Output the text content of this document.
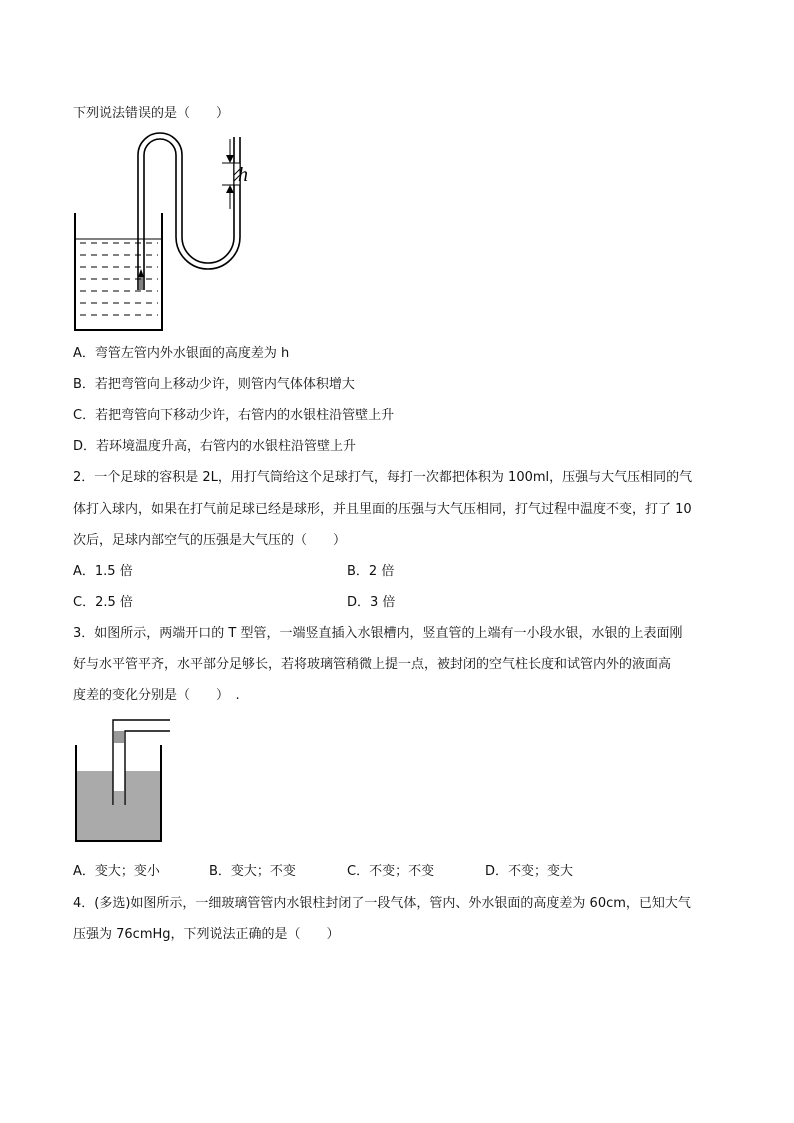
下列说法错误的是（　　）
h
A．弯管左管内外水银面的高度差为 h
B．若把弯管向上移动少许，则管内气体体积增大
C．若把弯管向下移动少许，右管内的水银柱沿管壁上升
D．若环境温度升高，右管内的水银柱沿管壁上升
2．一个足球的容积是 2L，用打气筒给这个足球打气，每打一次都把体积为 100ml，压强与大气压相同的气
体打入球内，如果在打气前足球已经是球形，并且里面的压强与大气压相同，打气过程中温度不变，打了 10
次后，足球内部空气的压强是大气压的（　　）
A．1.5 倍	B．2 倍
C．2.5 倍	D．3 倍
3．如图所示，两端开口的 T 型管，一端竖直插入水银槽内，竖直管的上端有一小段水银，水银的上表面刚
好与水平管平齐，水平部分足够长，若将玻璃管稍微上提一点，被封闭的空气柱长度和试管内外的液面高
度差的变化分别是（　　）　.
A．变大；变小	B．变大；不变	C．不变；不变	D．不变；变大
4．(多选)如图所示，一细玻璃管管内水银柱封闭了一段气体，管内、外水银面的高度差为 60cm，已知大气
压强为 76cmHg，下列说法正确的是（　　）
